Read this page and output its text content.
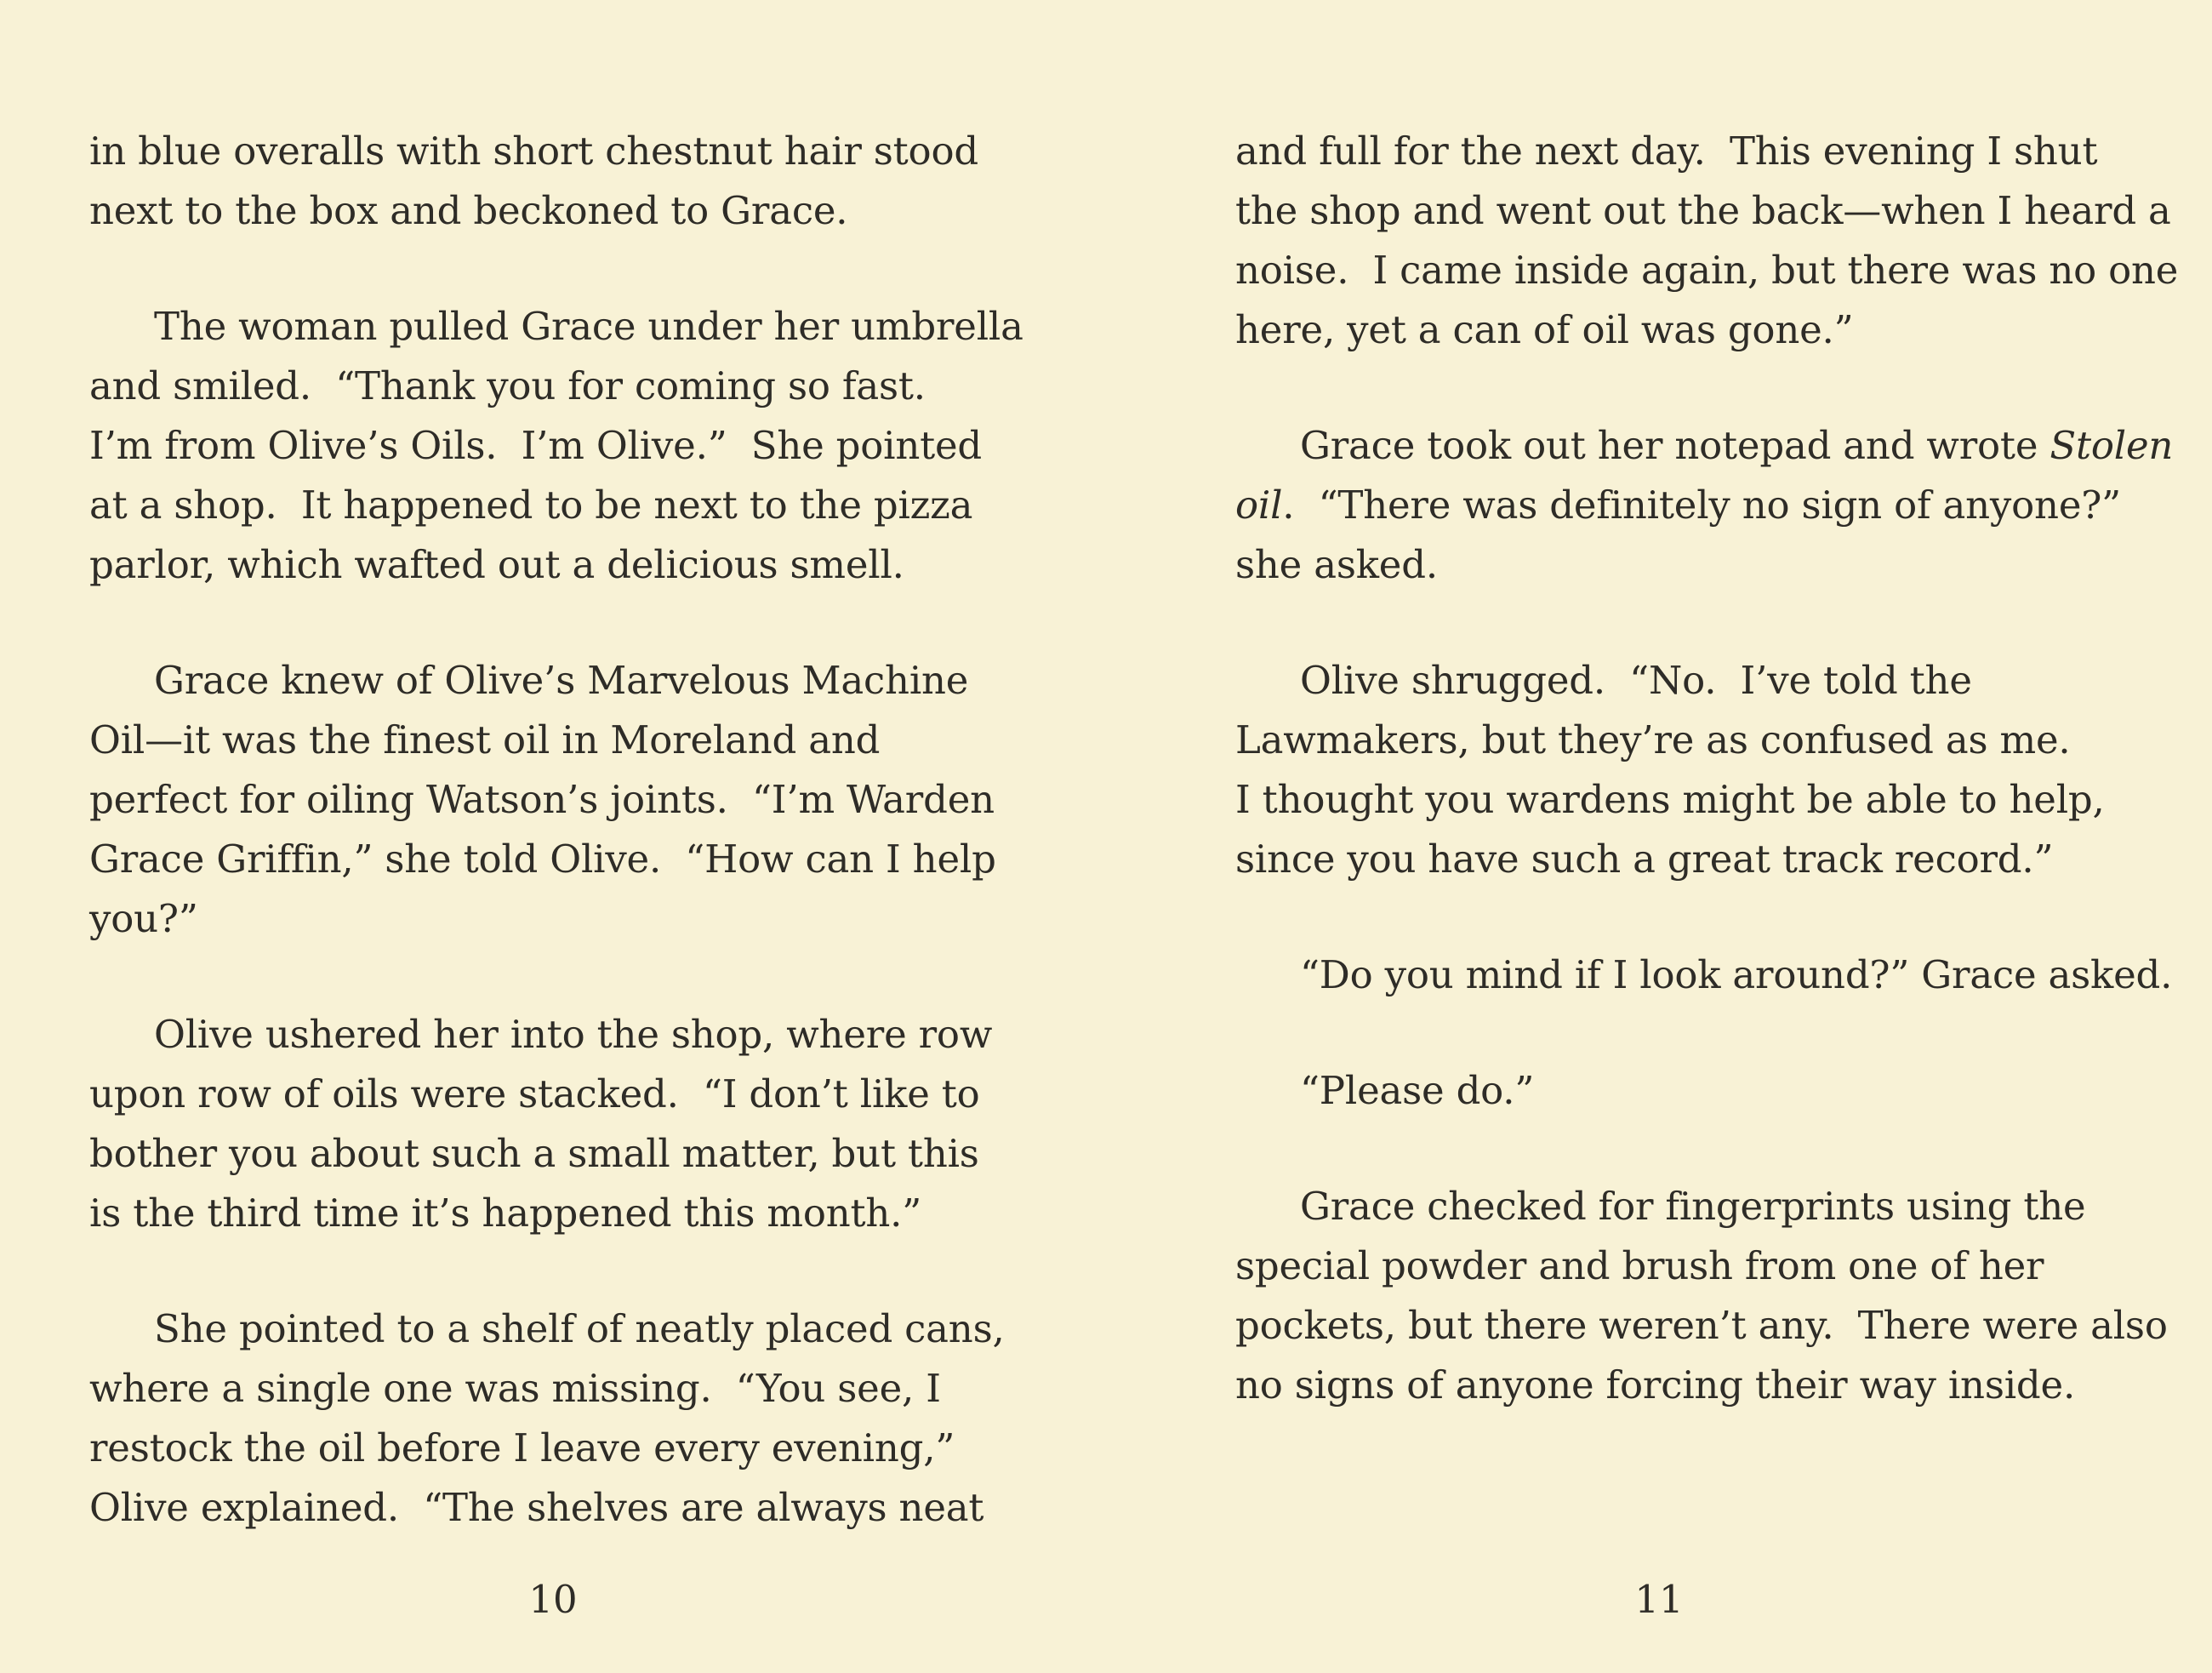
in blue overalls with short chestnut hair stood
next to the box and beckoned to Grace.
The woman pulled Grace under her umbrella
and smiled.  “Thank you for coming so fast.
I’m from Olive’s Oils.  I’m Olive.”  She pointed
at a shop.  It happened to be next to the pizza
parlor, which wafted out a delicious smell.
Grace knew of Olive’s Marvelous Machine
Oil—it was the finest oil in Moreland and
perfect for oiling Watson’s joints.  “I’m Warden
Grace Griffin,” she told Olive.  “How can I help
you?”
Olive ushered her into the shop, where row
upon row of oils were stacked.  “I don’t like to
bother you about such a small matter, but this
is the third time it’s happened this month.”
She pointed to a shelf of neatly placed cans,
where a single one was missing.  “You see, I
restock the oil before I leave every evening,”
Olive explained.  “The shelves are always neat
10
and full for the next day.  This evening I shut
the shop and went out the back—when I heard a
noise.  I came inside again, but there was no one
here, yet a can of oil was gone.”
Grace took out her notepad and wrote Stolen
oil.  “There was definitely no sign of anyone?”
she asked.
Olive shrugged.  “No.  I’ve told the
Lawmakers, but they’re as confused as me.
I thought you wardens might be able to help,
since you have such a great track record.”
“Do you mind if I look around?” Grace asked.
“Please do.”
Grace checked for fingerprints using the
special powder and brush from one of her
pockets, but there weren’t any.  There were also
no signs of anyone forcing their way inside.
11
